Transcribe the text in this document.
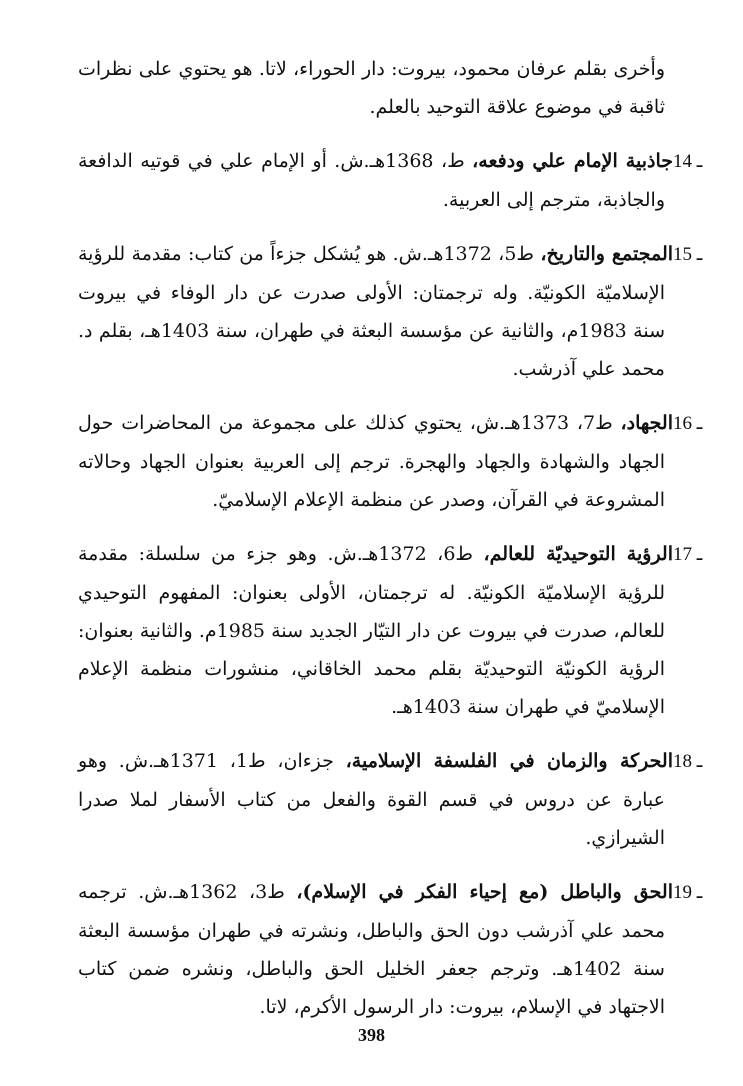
وأخرى بقلم عرفان محمود، بيروت: دار الحوراء، لاتا. هو يحتوي على نظرات ثاقبة في موضوع علاقة التوحيد بالعلم.

14 ـجاذبية الإمام علي ودفعه، ط، 1368هـ.ش. أو الإمام علي في قوتيه الدافعة والجاذبة، مترجم إلى العربية.

15 ـالمجتمع والتاريخ، ط5، 1372هـ.ش. هو يُشكل جزءاً من كتاب: مقدمة للرؤية الإسلاميّة الكونيّة. وله ترجمتان: الأولى صدرت عن دار الوفاء في بيروت سنة 1983م، والثانية عن مؤسسة البعثة في طهران، سنة 1403هـ، بقلم د. محمد علي آذرشب.

16 ـالجهاد، ط7، 1373هـ.ش، يحتوي كذلك على مجموعة من المحاضرات حول الجهاد والشهادة والجهاد والهجرة. ترجم إلى العربية بعنوان الجهاد وحالاته المشروعة في القرآن، وصدر عن منظمة الإعلام الإسلاميّ.

17 ـالرؤية التوحيديّة للعالم، ط6، 1372هـ.ش. وهو جزء من سلسلة: مقدمة للرؤية الإسلاميّة الكونيّة. له ترجمتان، الأولى بعنوان: المفهوم التوحيدي للعالم، صدرت في بيروت عن دار التيّار الجديد سنة 1985م. والثانية بعنوان: الرؤية الكونيّة التوحيديّة بقلم محمد الخاقاني، منشورات منظمة الإعلام الإسلاميّ في طهران سنة 1403هـ.

18 ـالحركة والزمان في الفلسفة الإسلامية، جزءان، ط1، 1371هـ.ش. وهو عبارة عن دروس في قسم القوة والفعل من كتاب الأسفار لملا صدرا الشيرازي.

19 ـالحق والباطل (مع إحياء الفكر في الإسلام)، ط3، 1362هـ.ش. ترجمه محمد علي آذرشب دون الحق والباطل، ونشرته في طهران مؤسسة البعثة سنة 1402هـ. وترجم جعفر الخليل الحق والباطل، ونشره ضمن كتاب الاجتهاد في الإسلام، بيروت: دار الرسول الأكرم، لاتا.

398
